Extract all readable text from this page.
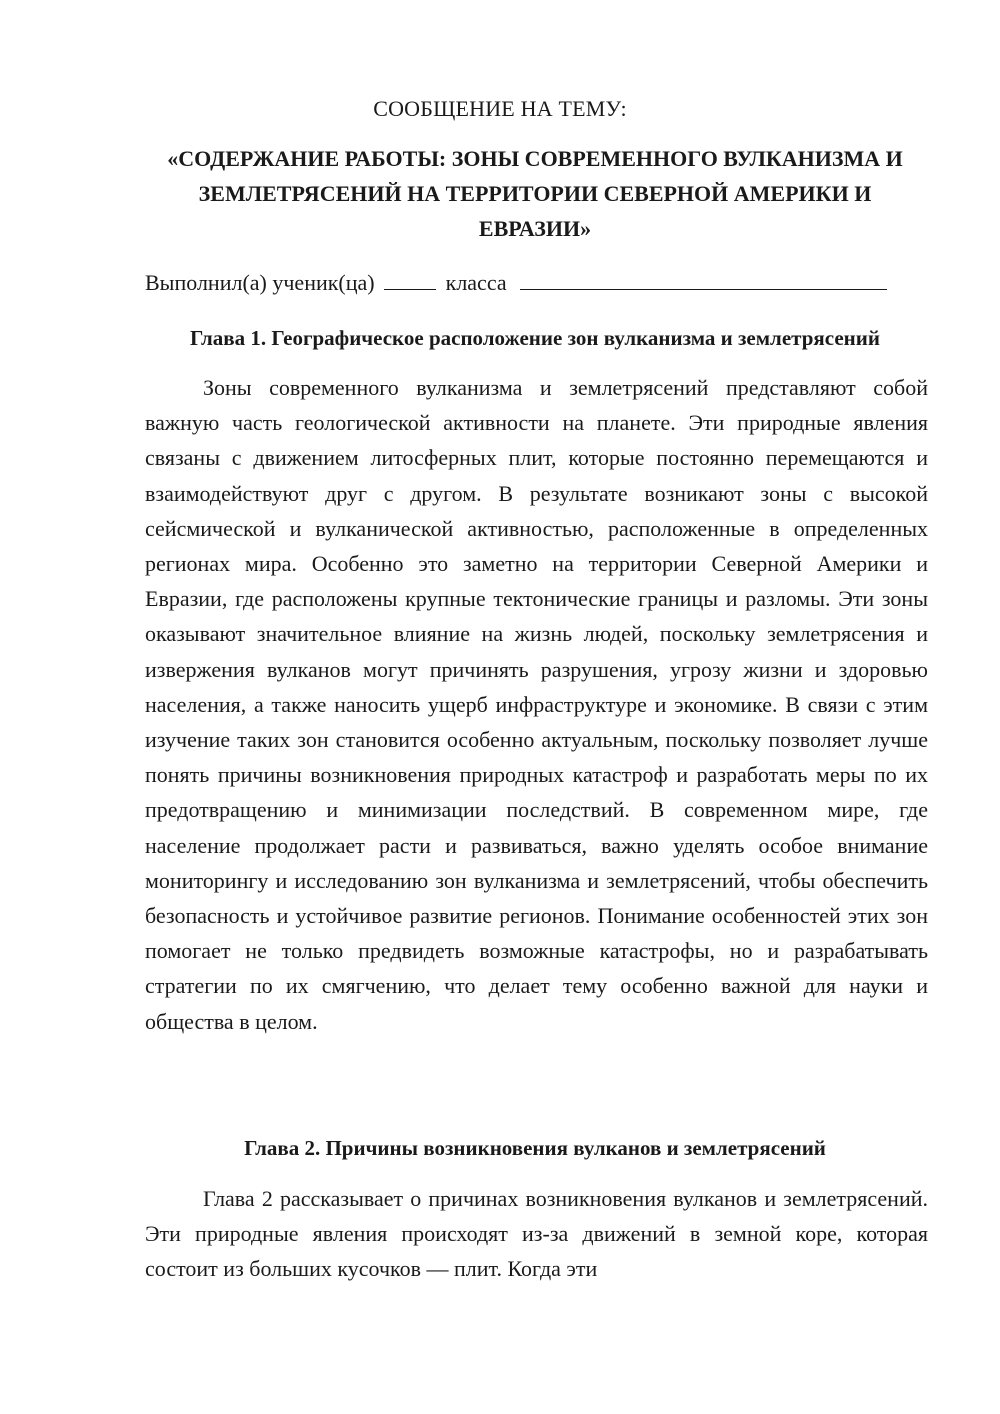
СООБЩЕНИЕ НА ТЕМУ:
«СОДЕРЖАНИЕ РАБОТЫ: ЗОНЫ СОВРЕМЕННОГО ВУЛКАНИЗМА И ЗЕМЛЕТРЯСЕНИЙ НА ТЕРРИТОРИИ СЕВЕРНОЙ АМЕРИКИ И ЕВРАЗИИ»
Выполнил(а) ученик(ца)	класса
Глава 1. Географическое расположение зон вулканизма и землетрясений

Зоны современного вулканизма и землетрясений представляют собой важную часть геологической активности на планете. Эти природные явления связаны с движением литосферных плит, которые постоянно перемещаются и взаимодействуют друг с другом. В результате возникают зоны с высокой сейсмической и вулканической активностью, расположенные в определенных регионах мира. Особенно это заметно на территории Северной Америки и Евразии, где расположены крупные тектонические границы и разломы. Эти зоны оказывают значительное влияние на жизнь людей, поскольку землетрясения и извержения вулканов могут причинять разрушения, угрозу жизни и здоровью населения, а также наносить ущерб инфраструктуре и экономике. В связи с этим изучение таких зон становится особенно актуальным, поскольку позволяет лучше понять причины возникновения природных катастроф и разработать меры по их предотвращению и минимизации последствий. В современном мире, где население продолжает расти и развиваться, важно уделять особое внимание мониторингу и исследованию зон вулканизма и землетрясений, чтобы обеспечить безопасность и устойчивое развитие регионов. Понимание особенностей этих зон помогает не только предвидеть возможные катастрофы, но и разрабатывать стратегии по их смягчению, что делает тему особенно важной для науки и общества в целом.

Глава 2. Причины возникновения вулканов и землетрясений

Глава 2 рассказывает о причинах возникновения вулканов и землетрясений. Эти природные явления происходят из-за движений в земной коре, которая состоит из больших кусочков — плит. Когда эти
